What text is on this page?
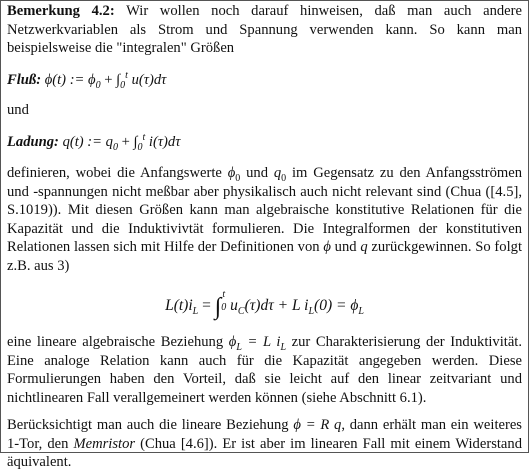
Bemerkung 4.2: Wir wollen noch darauf hinweisen, daß man auch andere Netzwerkvariablen als Strom und Spannung verwenden kann. So kann man beispielsweise die "integralen" Größen

Fluß: ϕ(t) := $\phi_0 + \int_0^t$ u(τ)dτ
und
Ladung: q(t) := $q_0 + \int_0^t$ i(τ)dτ

definieren, wobei die Anfangswerte $\phi_0$ und $q_0$ im Gegensatz zu den Anfangsströmen und -spannungen nicht meßbar aber physikalisch auch nicht relevant sind (Chua ([4.5], S.1019)). Mit diesen Größen kann man algebraische konstitutive Relationen für die Kapazität und die Induktivivtät formulieren. Die Integralformen der konstitutiven Relationen lassen sich mit Hilfe der Definitionen von ϕ und q zurückgewinnen. So folgt z.B. aus 3)

$L(t)i_L = \int t$
0 $u_C(\tau)d\tau + L$ $i_L(0) = \phi_L$

eine lineare algebraische Beziehung $\phi_L = L$ $i_L$ zur Charakterisierung der Induktivität. Eine analoge Relation kann auch für die Kapazität angegeben werden. Diese Formulierungen haben den Vorteil, daß sie leicht auf den linear zeitvariant und nichtlinearen Fall verallgemeinert werden können (siehe Abschnitt 6.1).

Berücksichtigt man auch die lineare Beziehung ϕ = R q, dann erhält man ein weiteres 1-Tor, den Memristor (Chua [4.6]). Er ist aber im linearen Fall mit einem Widerstand äquivalent.
